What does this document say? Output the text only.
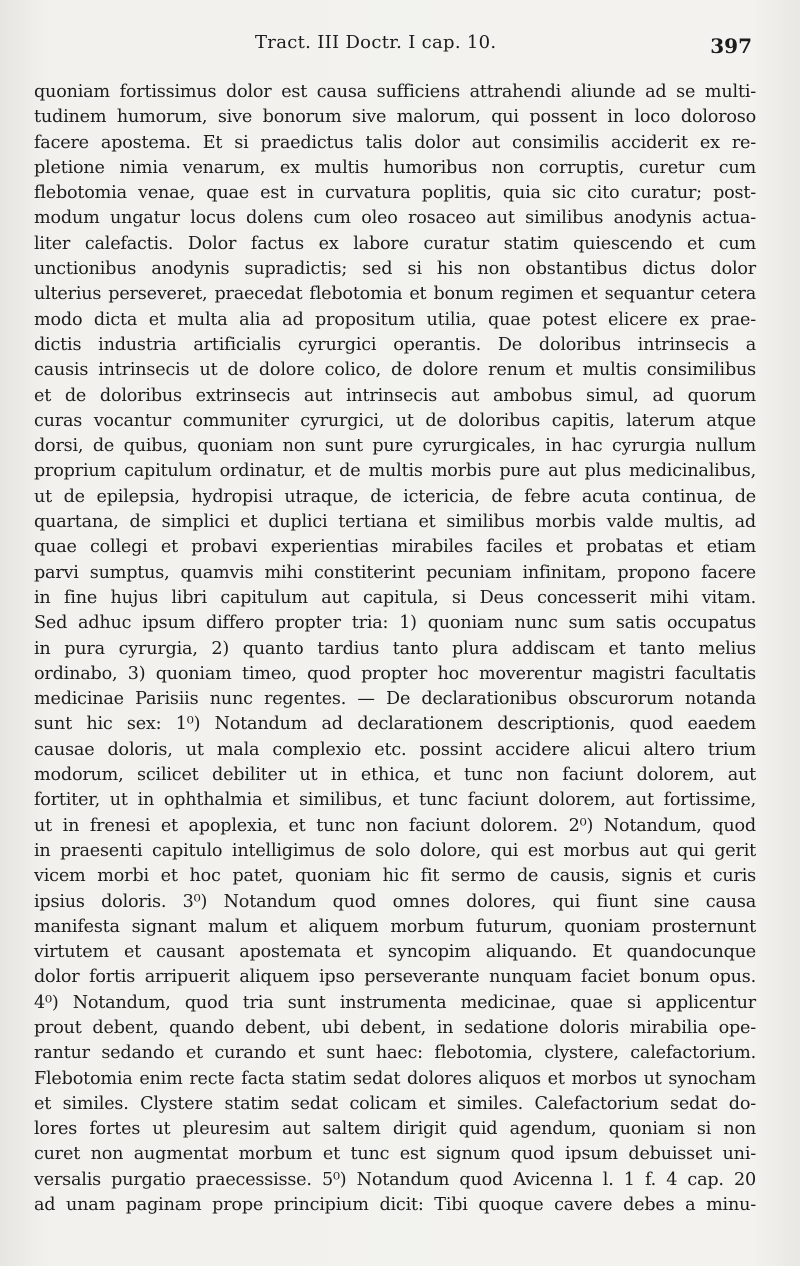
Tract. III Doctr. I cap. 10.	397
quoniam fortissimus dolor est causa sufficiens attrahendi aliunde ad se multi-
tudinem humorum, sive bonorum sive malorum, qui possent in loco doloroso
facere apostema. Et si praedictus talis dolor aut consimilis acciderit ex re-
pletione nimia venarum, ex multis humoribus non corruptis, curetur cum
flebotomia venae, quae est in curvatura poplitis, quia sic cito curatur; post-
modum ungatur locus dolens cum oleo rosaceo aut similibus anodynis actua-
liter calefactis. Dolor factus ex labore curatur statim quiescendo et cum
unctionibus anodynis supradictis; sed si his non obstantibus dictus dolor
ulterius perseveret, praecedat flebotomia et bonum regimen et sequantur cetera
modo dicta et multa alia ad propositum utilia, quae potest elicere ex prae-
dictis industria artificialis cyrurgici operantis. De doloribus intrinsecis a
causis intrinsecis ut de dolore colico, de dolore renum et multis consimilibus
et de doloribus extrinsecis aut intrinsecis aut ambobus simul, ad quorum
curas vocantur communiter cyrurgici, ut de doloribus capitis, laterum atque
dorsi, de quibus, quoniam non sunt pure cyrurgicales, in hac cyrurgia nullum
proprium capitulum ordinatur, et de multis morbis pure aut plus medicinalibus,
ut de epilepsia, hydropisi utraque, de ictericia, de febre acuta continua, de
quartana, de simplici et duplici tertiana et similibus morbis valde multis, ad
quae collegi et probavi experientias mirabiles faciles et probatas et etiam
parvi sumptus, quamvis mihi constiterint pecuniam infinitam, propono facere
in fine hujus libri capitulum aut capitula, si Deus concesserit mihi vitam.
Sed adhuc ipsum differo propter tria: 1) quoniam nunc sum satis occupatus
in pura cyrurgia, 2) quanto tardius tanto plura addiscam et tanto melius
ordinabo, 3) quoniam timeo, quod propter hoc moverentur magistri facultatis
medicinae Parisiis nunc regentes. — De declarationibus obscurorum notanda
sunt hic sex: 1⁰) Notandum ad declarationem descriptionis, quod eaedem
causae doloris, ut mala complexio etc. possint accidere alicui altero trium
modorum, scilicet debiliter ut in ethica, et tunc non faciunt dolorem, aut
fortiter, ut in ophthalmia et similibus, et tunc faciunt dolorem, aut fortissime,
ut in frenesi et apoplexia, et tunc non faciunt dolorem. 2⁰) Notandum, quod
in praesenti capitulo intelligimus de solo dolore, qui est morbus aut qui gerit
vicem morbi et hoc patet, quoniam hic fit sermo de causis, signis et curis
ipsius doloris. 3⁰) Notandum quod omnes dolores, qui fiunt sine causa
manifesta signant malum et aliquem morbum futurum, quoniam prosternunt
virtutem et causant apostemata et syncopim aliquando. Et quandocunque
dolor fortis arripuerit aliquem ipso perseverante nunquam faciet bonum opus.
4⁰) Notandum, quod tria sunt instrumenta medicinae, quae si applicentur
prout debent, quando debent, ubi debent, in sedatione doloris mirabilia ope-
rantur sedando et curando et sunt haec: flebotomia, clystere, calefactorium.
Flebotomia enim recte facta statim sedat dolores aliquos et morbos ut synocham
et similes. Clystere statim sedat colicam et similes. Calefactorium sedat do-
lores fortes ut pleuresim aut saltem dirigit quid agendum, quoniam si non
curet non augmentat morbum et tunc est signum quod ipsum debuisset uni-
versalis purgatio praecessisse. 5⁰) Notandum quod Avicenna l. 1 f. 4 cap. 20
ad unam paginam prope principium dicit: Tibi quoque cavere debes a minu-
